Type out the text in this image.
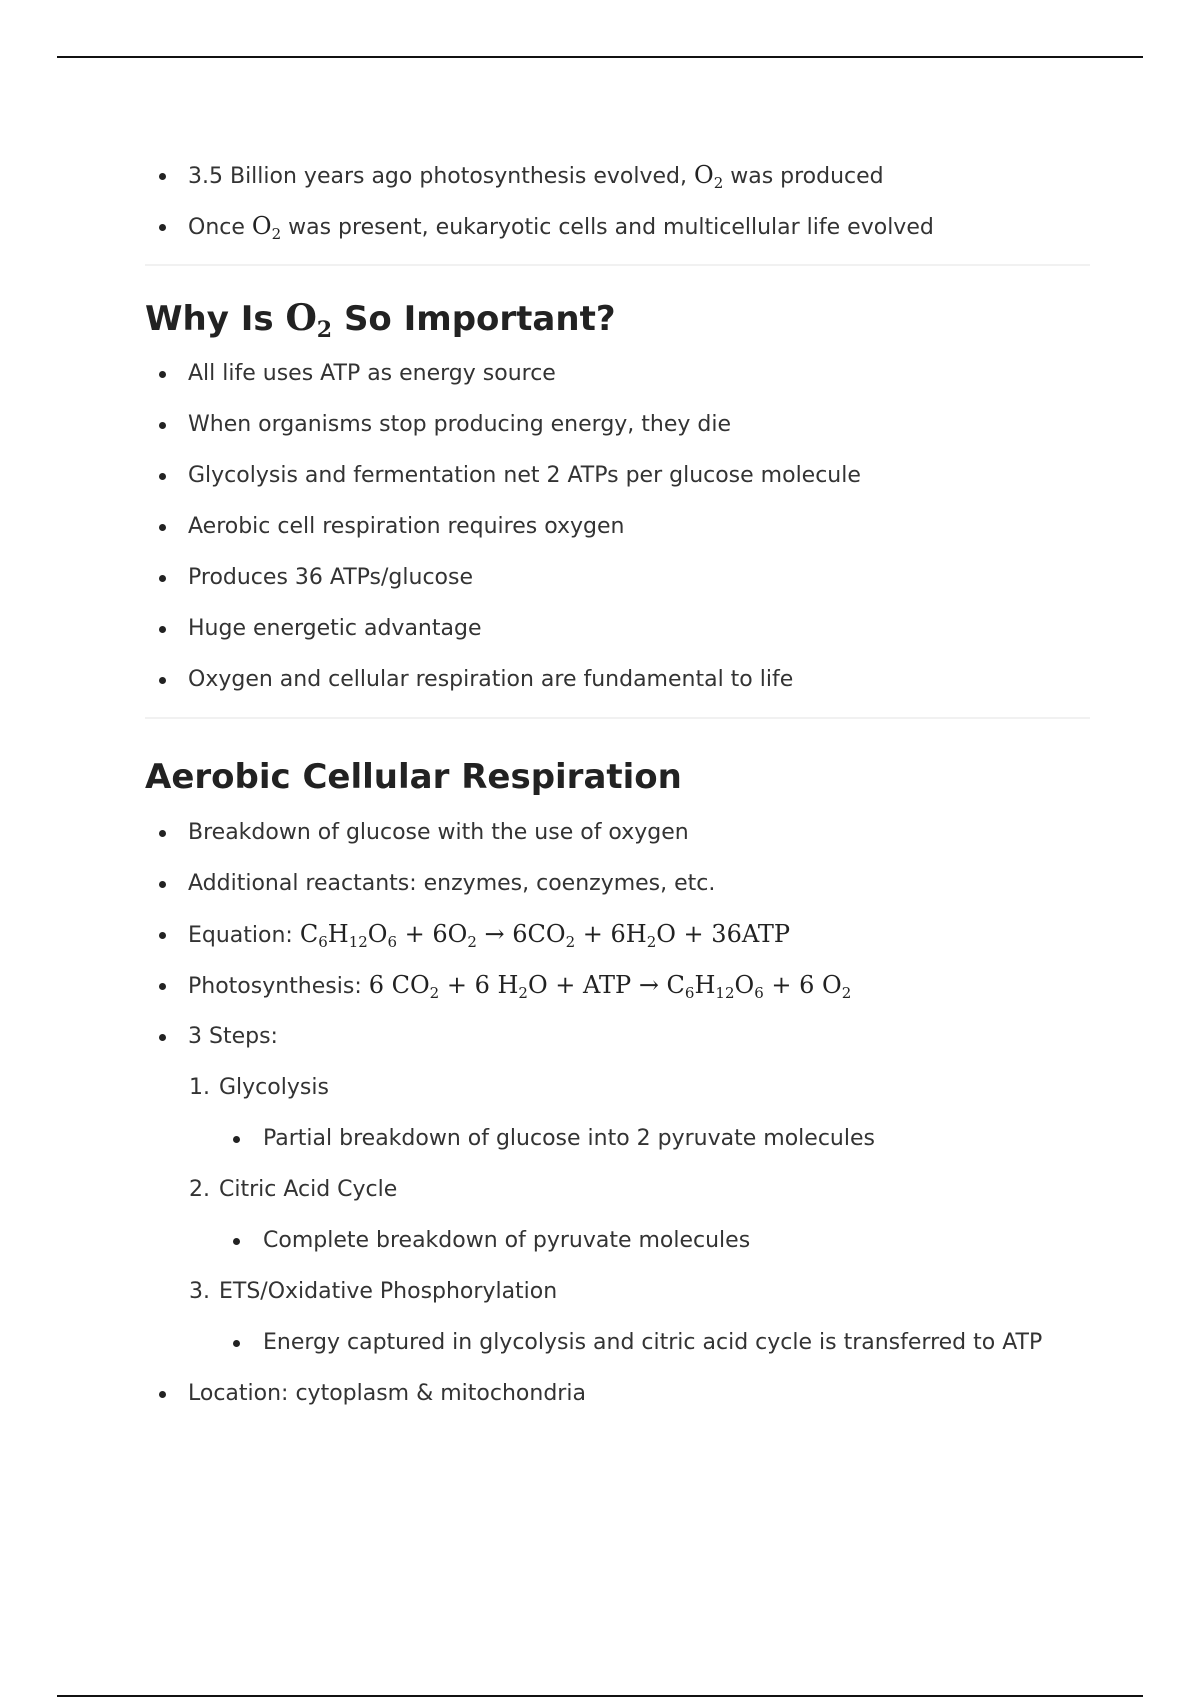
3.5 Billion years ago photosynthesis evolved, $O_2$ was produced
Once $O_2$ was present, eukaryotic cells and multicellular life evolved
Why Is $O_2$ So Important?
All life uses ATP as energy source
When organisms stop producing energy, they die
Glycolysis and fermentation net 2 ATPs per glucose molecule
Aerobic cell respiration requires oxygen
Produces 36 ATPs/glucose
Huge energetic advantage
Oxygen and cellular respiration are fundamental to life
Aerobic Cellular Respiration
Breakdown of glucose with the use of oxygen
Additional reactants: enzymes, coenzymes, etc.
Equation: $C_6H_{12}O_6 + 6O_2 \to 6CO_2 + 6H_2O + 36ATP$
Photosynthesis: 6 $CO_2 + 6$ $H_2O$ + ATP → $C_6H_{12}O_6 + 6$ $O_2$
3 Steps:
1. Glycolysis
Partial breakdown of glucose into 2 pyruvate molecules
2. Citric Acid Cycle
Complete breakdown of pyruvate molecules
3. ETS/Oxidative Phosphorylation
Energy captured in glycolysis and citric acid cycle is transferred to ATP
Location: cytoplasm & mitochondria
